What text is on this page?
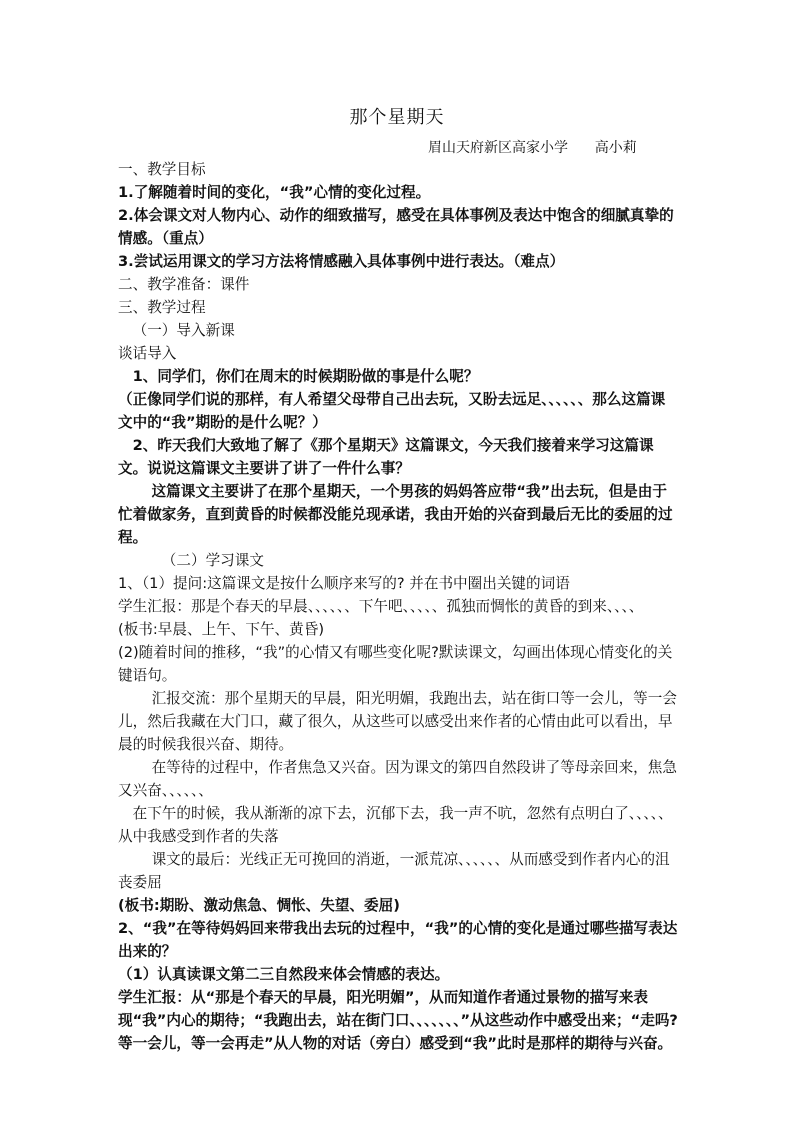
那个星期天
眉山天府新区高家小学      高小莉

一、教学目标

1.了解随着时间的变化，“我”心情的变化过程。

2.体会课文对人物内心、动作的细致描写，感受在具体事例及表达中饱含的细腻真挚的情感。（重点）

3.尝试运用课文的学习方法将情感融入具体事例中进行表达。（难点）

二、教学准备：课件

三、教学过程

（一）导入新课

谈话导入

1、同学们，你们在周末的时候期盼做的事是什么呢？

（正像同学们说的那样，有人希望父母带自己出去玩，又盼去远足、、、、、、那么这篇课文中的“我”期盼的是什么呢？）

2、昨天我们大致地了解了《那个星期天》这篇课文，今天我们接着来学习这篇课文。说说这篇课文主要讲了讲了一件什么事？

这篇课文主要讲了在那个星期天，一个男孩的妈妈答应带“我”出去玩，但是由于忙着做家务，直到黄昏的时候都没能兑现承诺，我由开始的兴奋到最后无比的委屈的过程。

（二）学习课文

1、（1）提问:这篇课文是按什么顺序来写的? 并在书中圈出关键的词语

学生汇报：那是个春天的早晨、、、、、、下午吧、、、、、孤独而惆怅的黄昏的到来、、、、

(板书:早晨、上午、下午、黄昏)

(2)随着时间的推移，“我”的心情又有哪些变化呢?默读课文，勾画出体现心情变化的关键语句。

汇报交流：那个星期天的早晨，阳光明媚，我跑出去，站在街口等一会儿，等一会儿，然后我藏在大门口，藏了很久，从这些可以感受出来作者的心情由此可以看出，早晨的时候我很兴奋、期待。

在等待的过程中，作者焦急又兴奋。因为课文的第四自然段讲了等母亲回来，焦急又兴奋、、、、、、

在下午的时候，我从渐渐的凉下去，沉郁下去，我一声不吭，忽然有点明白了、、、、、从中我感受到作者的失落

课文的最后：光线正无可挽回的消逝，一派荒凉、、、、、、从而感受到作者内心的沮丧委屈

(板书:期盼、激动焦急、惆怅、失望、委屈)

2、“我”在等待妈妈回来带我出去玩的过程中，“我”的心情的变化是通过哪些描写表达出来的？

（1）认真读课文第二三自然段来体会情感的表达。

学生汇报：从“那是个春天的早晨，阳光明媚”，从而知道作者通过景物的描写来表现“我”内心的期待；“我跑出去，站在街门口、、、、、、、”从这些动作中感受出来；“走吗?等一会儿，等一会再走”从人物的对话（旁白）感受到“我”此时是那样的期待与兴奋。
